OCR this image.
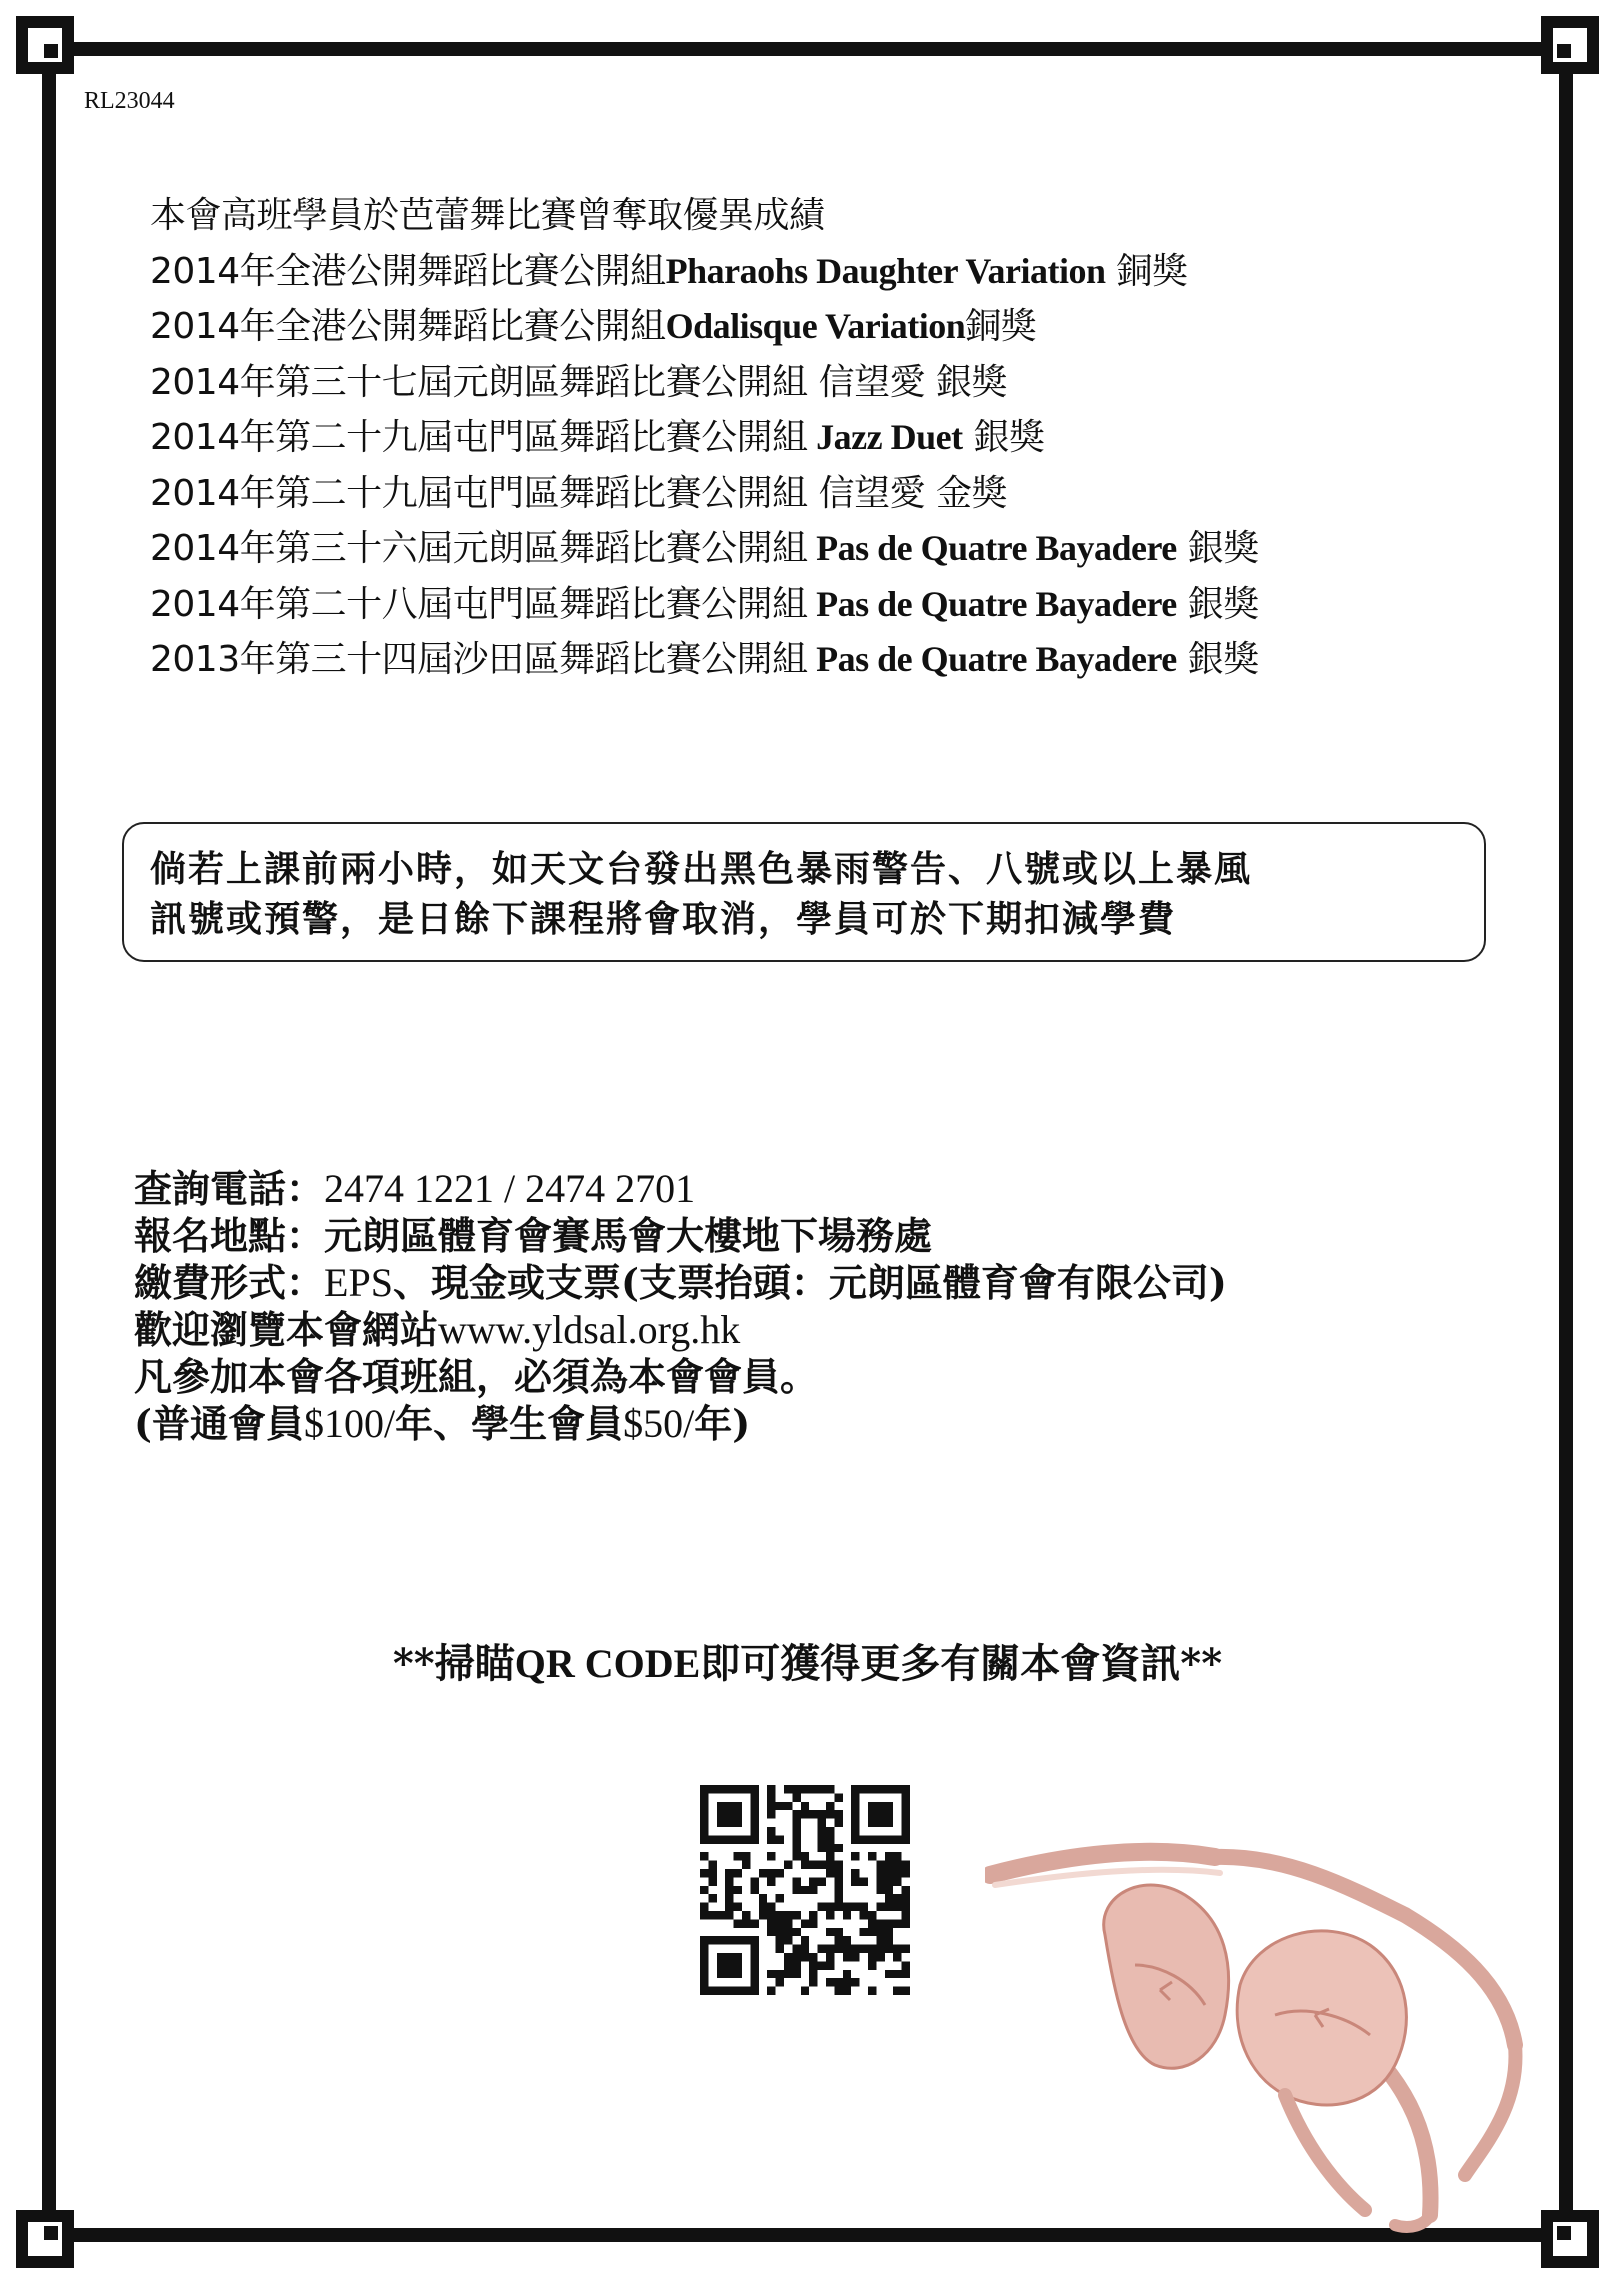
RL23044
本會高班學員於芭蕾舞比賽曾奪取優異成績
2014年全港公開舞蹈比賽公開組Pharaohs Daughter Variation 銅獎
2014年全港公開舞蹈比賽公開組Odalisque Variation銅獎
2014年第三十七屆元朗區舞蹈比賽公開組 信望愛 銀獎
2014年第二十九屆屯門區舞蹈比賽公開組 Jazz Duet 銀獎
2014年第二十九屆屯門區舞蹈比賽公開組 信望愛 金獎
2014年第三十六屆元朗區舞蹈比賽公開組 Pas de Quatre Bayadere 銀獎
2014年第二十八屆屯門區舞蹈比賽公開組 Pas de Quatre Bayadere 銀獎
2013年第三十四屆沙田區舞蹈比賽公開組 Pas de Quatre Bayadere 銀獎
倘若上課前兩小時，如天文台發出黑色暴雨警告、八號或以上暴風
訊號或預警，是日餘下課程將會取消，學員可於下期扣減學費
查詢電話：2474 1221 / 2474 2701
報名地點：元朗區體育會賽馬會大樓地下場務處
繳費形式：EPS、現金或支票(支票抬頭：元朗區體育會有限公司)
歡迎瀏覽本會網站www.yldsal.org.hk
凡參加本會各項班組，必須為本會會員。
(普通會員$100/年、學生會員$50/年)
**掃瞄QR CODE即可獲得更多有關本會資訊**
